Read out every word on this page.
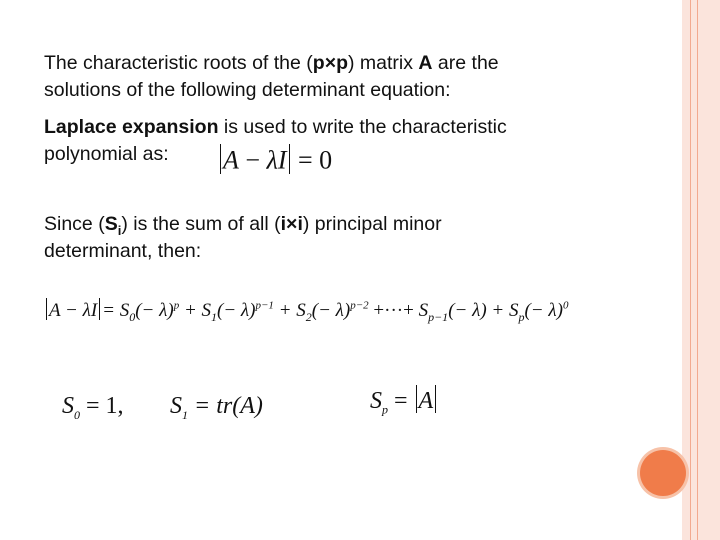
The characteristic roots of the (p×p) matrix A are the
solutions of the following determinant equation:
Laplace expansion is used to write the characteristic
polynomial as: A − λI = 0
Since $(S_i)$ is the sum of all (i×i) principal minor
determinant, then:
$A - \lambda I = S_0(- \lambda)^p + S_1(- \lambda)^{p-1} + S_2(- \lambda)^{p-2}$ +···+ $S_{p-1}(- \lambda) + S_p(- \lambda)^0$
$S_0 = 1$, $S_1 = tr(A)$	$S_p = A$
